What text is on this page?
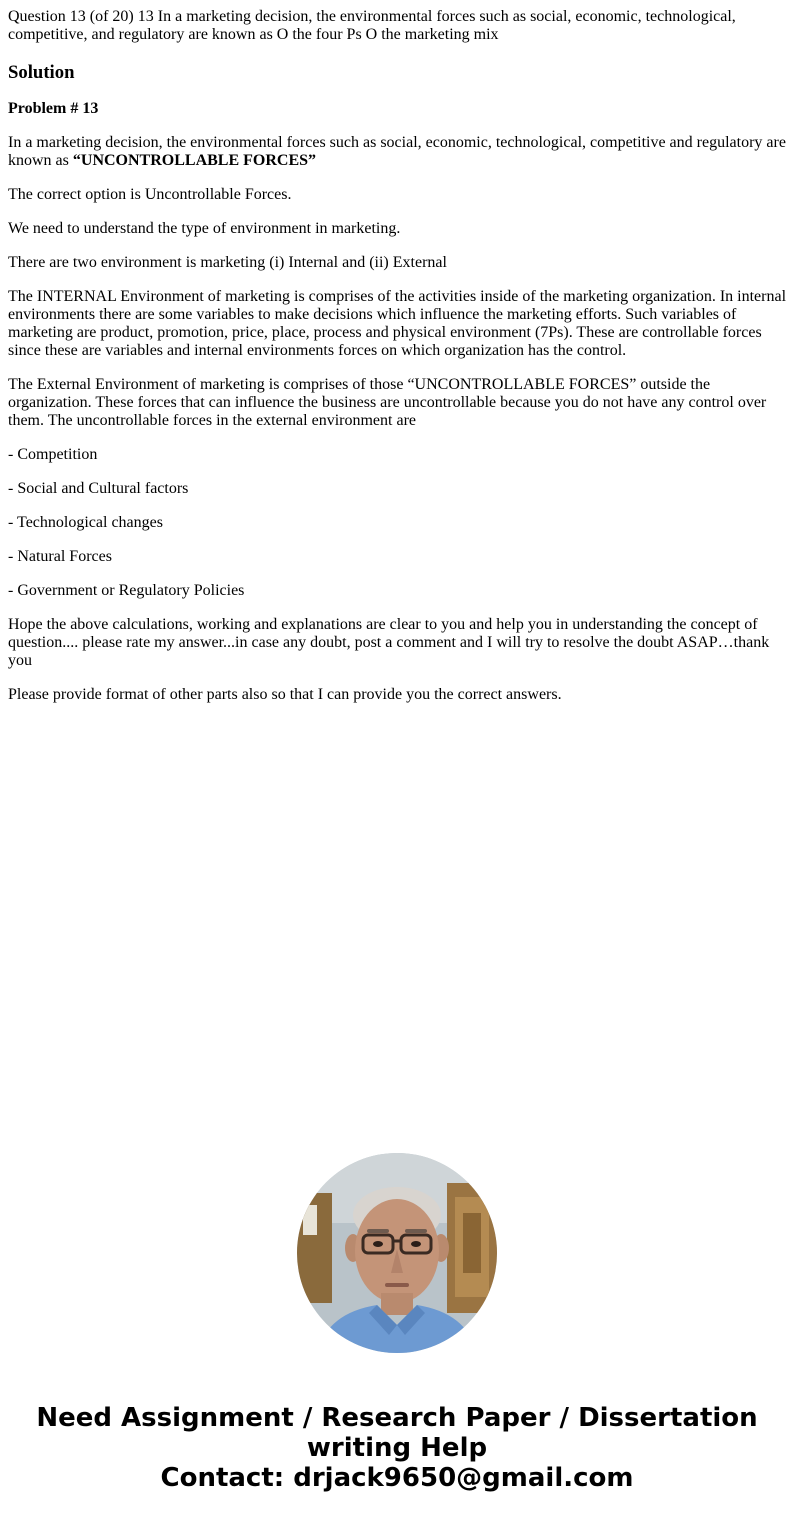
Question 13 (of 20) 13 In a marketing decision, the environmental forces such as social, economic, technological, competitive, and regulatory are known as O the four Ps O the marketing mix
Solution

Problem # 13

In a marketing decision, the environmental forces such as social, economic, technological, competitive and regulatory are known as “UNCONTROLLABLE FORCES”

The correct option is Uncontrollable Forces.

We need to understand the type of environment in marketing.

There are two environment is marketing (i) Internal and (ii) External

The INTERNAL Environment of marketing is comprises of the activities inside of the marketing organization. In internal environments there are some variables to make decisions which influence the marketing efforts. Such variables of marketing are product, promotion, price, place, process and physical environment (7Ps). These are controllable forces since these are variables and internal environments forces on which organization has the control.

The External Environment of marketing is comprises of those “UNCONTROLLABLE FORCES” outside the organization. These forces that can influence the business are uncontrollable because you do not have any control over them. The uncontrollable forces in the external environment are

- Competition

- Social and Cultural factors

- Technological changes

- Natural Forces

- Government or Regulatory Policies

Hope the above calculations, working and explanations are clear to you and help you in understanding the concept of question.... please rate my answer...in case any doubt, post a comment and I will try to resolve the doubt ASAP…thank you

Please provide format of other parts also so that I can provide you the correct answers.

Need Assignment / Research Paper / Dissertation
writing Help
Contact: drjack9650@gmail.com
